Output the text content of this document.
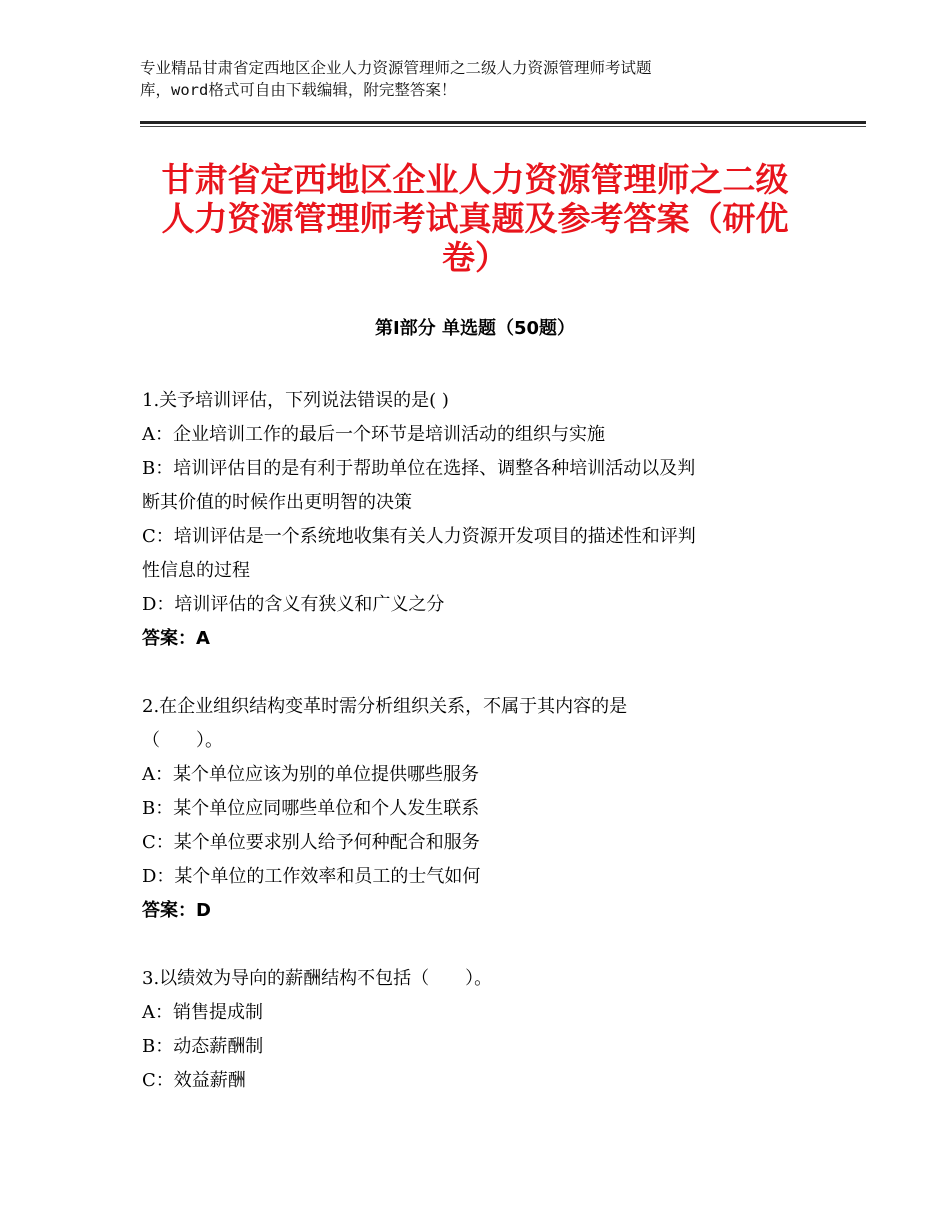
专业精品甘肃省定西地区企业人力资源管理师之二级人力资源管理师考试题
库，word格式可自由下载编辑，附完整答案！
甘肃省定西地区企业人力资源管理师之二级
人力资源管理师考试真题及参考答案（研优
卷）
第Ⅰ部分 单选题（50题）

1.关予培训评估，下列说法错误的是( )

A：企业培训工作的最后一个环节是培训活动的组织与实施

B：培训评估目的是有利于帮助单位在选择、调整各种培训活动以及判

断其价值的时候作出更明智的决策

C：培训评估是一个系统地收集有关人力资源开发项目的描述性和评判

性信息的过程

D：培训评估的含义有狭义和广义之分

答案：A

2.在企业组织结构变革时需分析组织关系，不属于其内容的是

（　　）。

A：某个单位应该为别的单位提供哪些服务

B：某个单位应同哪些单位和个人发生联系

C：某个单位要求别人给予何种配合和服务

D：某个单位的工作效率和员工的士气如何

答案：D

3.以绩效为导向的薪酬结构不包括（　　）。

A：销售提成制

B：动态薪酬制

C：效益薪酬
